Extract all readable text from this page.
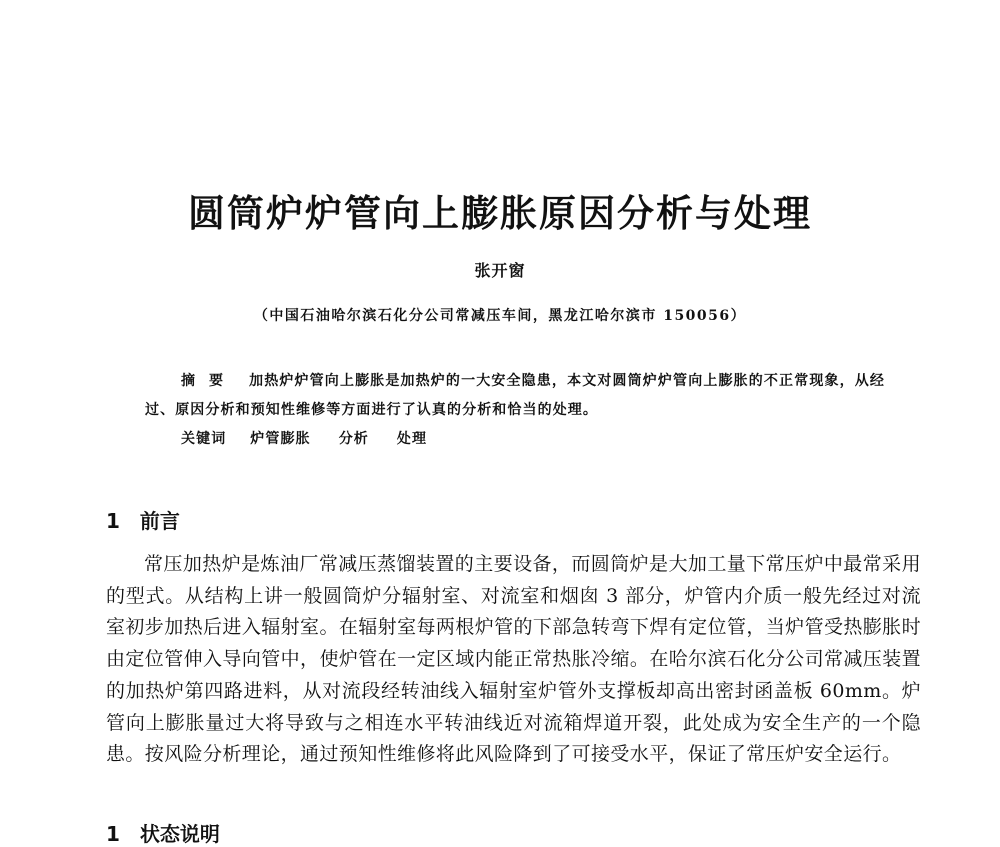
圆筒炉炉管向上膨胀原因分析与处理
张开窗
（中国石油哈尔滨石化分公司常减压车间，黑龙江哈尔滨市 150056）

摘要 加热炉炉管向上膨胀是加热炉的一大安全隐患，本文对圆筒炉炉管向上膨胀的不正常现象，从经过、原因分析和预知性维修等方面进行了认真的分析和恰当的处理。

关键词 炉管膨胀 分析 处理
1 前言

常压加热炉是炼油厂常减压蒸馏装置的主要设备，而圆筒炉是大加工量下常压炉中最常采用的型式。从结构上讲一般圆筒炉分辐射室、对流室和烟囱 3 部分，炉管内介质一般先经过对流室初步加热后进入辐射室。在辐射室每两根炉管的下部急转弯下焊有定位管，当炉管受热膨胀时由定位管伸入导向管中，使炉管在一定区域内能正常热胀冷缩。在哈尔滨石化分公司常减压装置的加热炉第四路进料，从对流段经转油线入辐射室炉管外支撑板却高出密封函盖板 60mm。炉管向上膨胀量过大将导致与之相连水平转油线近对流箱焊道开裂，此处成为安全生产的一个隐患。按风险分析理论，通过预知性维修将此风险降到了可接受水平，保证了常压炉安全运行。

1 状态说明
